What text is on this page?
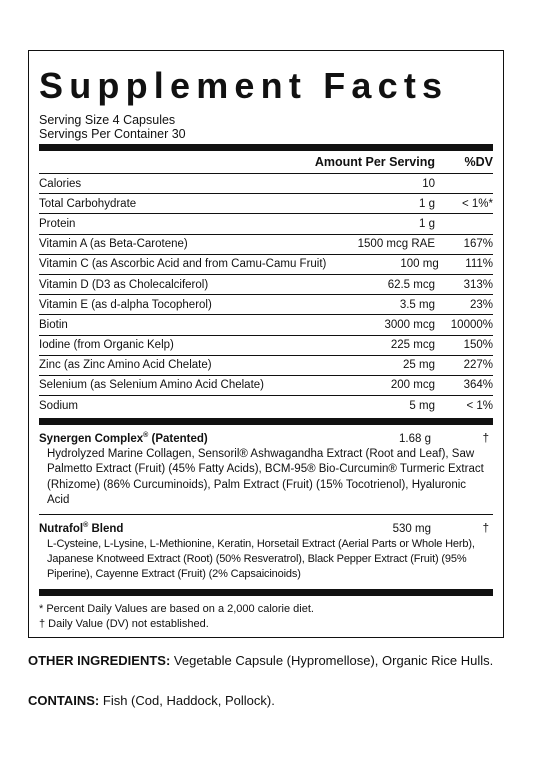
Supplement Facts
Serving Size 4 Capsules
Servings Per Container 30
Amount Per Serving	%DV
Calories	10
Total Carbohydrate	1 g	< 1%*
Protein	1 g
Vitamin A (as Beta-Carotene)	1500 mcg RAE	167%
Vitamin C (as Ascorbic Acid and from Camu-Camu Fruit)	100 mg	111%
Vitamin D (D3 as Cholecalciferol)	62.5 mcg	313%
Vitamin E (as d-alpha Tocopherol)	3.5 mg	23%
Biotin	3000 mcg	10000%
Iodine (from Organic Kelp)	225 mcg	150%
Zinc (as Zinc Amino Acid Chelate)	25 mg	227%
Selenium (as Selenium Amino Acid Chelate)	200 mcg	364%
Sodium	5 mg	< 1%
Synergen Complex® (Patented)	1.68 g	†
Hydrolyzed Marine Collagen, Sensoril® Ashwagandha Extract (Root and Leaf), Saw Palmetto Extract (Fruit) (45% Fatty Acids), BCM-95® Bio-Curcumin® Turmeric Extract (Rhizome) (86% Curcuminoids), Palm Extract (Fruit) (15% Tocotrienol), Hyaluronic Acid
Nutrafol® Blend	530 mg	†
L-Cysteine, L-Lysine, L-Methionine, Keratin, Horsetail Extract (Aerial Parts or Whole Herb), Japanese Knotweed Extract (Root) (50% Resveratrol), Black Pepper Extract (Fruit) (95% Piperine), Cayenne Extract (Fruit) (2% Capsaicinoids)
* Percent Daily Values are based on a 2,000 calorie diet.
† Daily Value (DV) not established.
OTHER INGREDIENTS: Vegetable Capsule (Hypromellose), Organic Rice Hulls.
CONTAINS: Fish (Cod, Haddock, Pollock).
